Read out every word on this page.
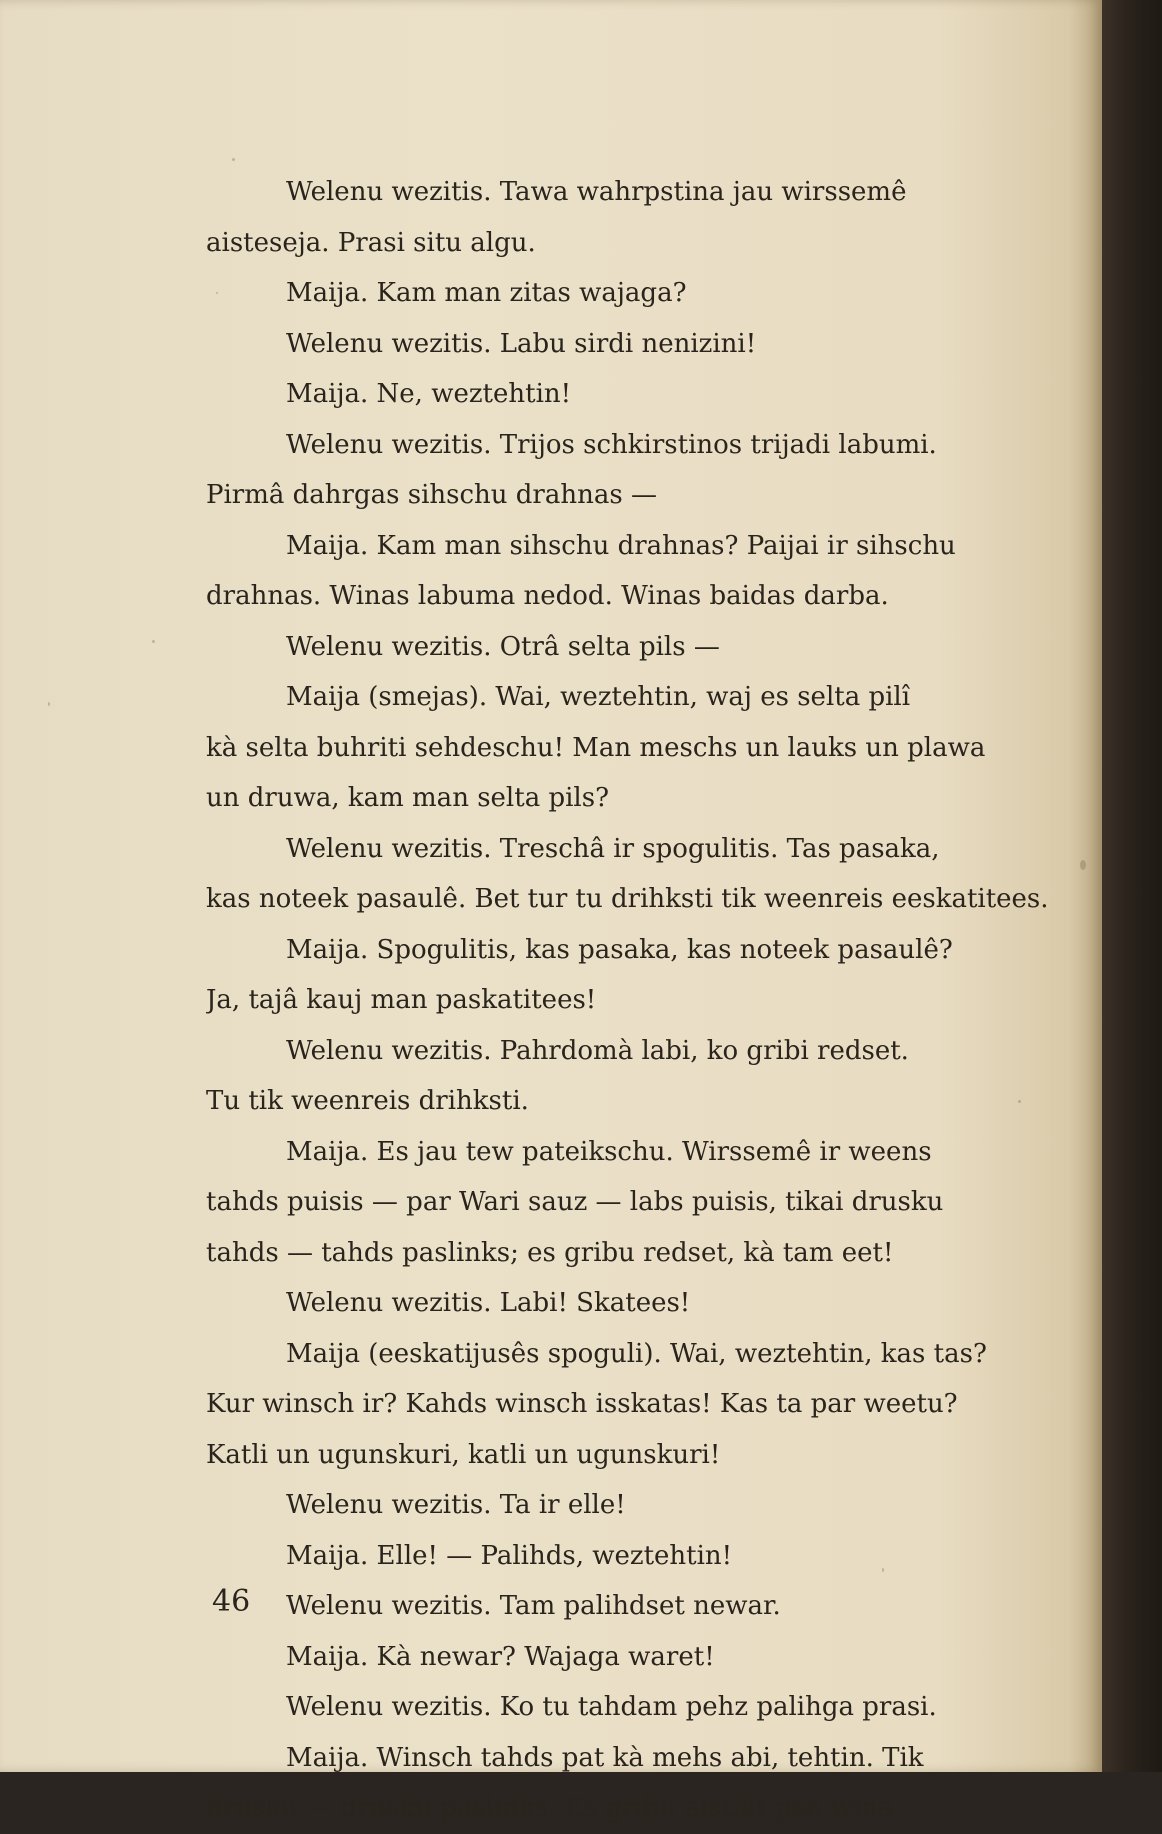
Welenu wezitis. Tawa wahrpstina jau wirssemê
aisteseja. Prasi situ algu.
Maija. Kam man zitas wajaga?
Welenu wezitis. Labu sirdi nenizini!
Maija. Ne, weztehtin!
Welenu wezitis. Trijos schkirstinos trijadi labumi.
Pirmâ dahrgas sihschu drahnas —
Maija. Kam man sihschu drahnas? Paijai ir sihschu
drahnas. Winas labuma nedod. Winas baidas darba.
Welenu wezitis. Otrâ selta pils —
Maija (smejas). Wai, weztehtin, waj es selta pilî
kà selta buhriti sehdeschu! Man meschs un lauks un plawa
un druwa, kam man selta pils?
Welenu wezitis. Treschâ ir spogulitis. Tas pasaka,
kas noteek pasaulê. Bet tur tu drihksti tik weenreis eeskatitees.
Maija. Spogulitis, kas pasaka, kas noteek pasaulê?
Ja, tajâ kauj man paskatitees!
Welenu wezitis. Pahrdomà labi, ko gribi redset.
Tu tik weenreis drihksti.
Maija. Es jau tew pateikschu. Wirssemê ir weens
tahds puisis — par Wari sauz — labs puisis, tikai drusku
tahds — tahds paslinks; es gribu redset, kà tam eet!
Welenu wezitis. Labi! Skatees!
Maija (eeskatijusês spoguli). Wai, weztehtin, kas tas?
Kur winsch ir? Kahds winsch isskatas! Kas ta par weetu?
Katli un ugunskuri, katli un ugunskuri!
Welenu wezitis. Ta ir elle!
Maija. Elle! — Palihds, weztehtin!
Welenu wezitis. Tam palihdset newar.
Maija. Kà newar? Wajaga waret!
Welenu wezitis. Ko tu tahdam pehz palihga prasi.
Maija. Winsch tahds pat kà mehs abi, tehtin. Tik
drusku — drusku paslinks. Es gribu aistikt pee wina.
46
